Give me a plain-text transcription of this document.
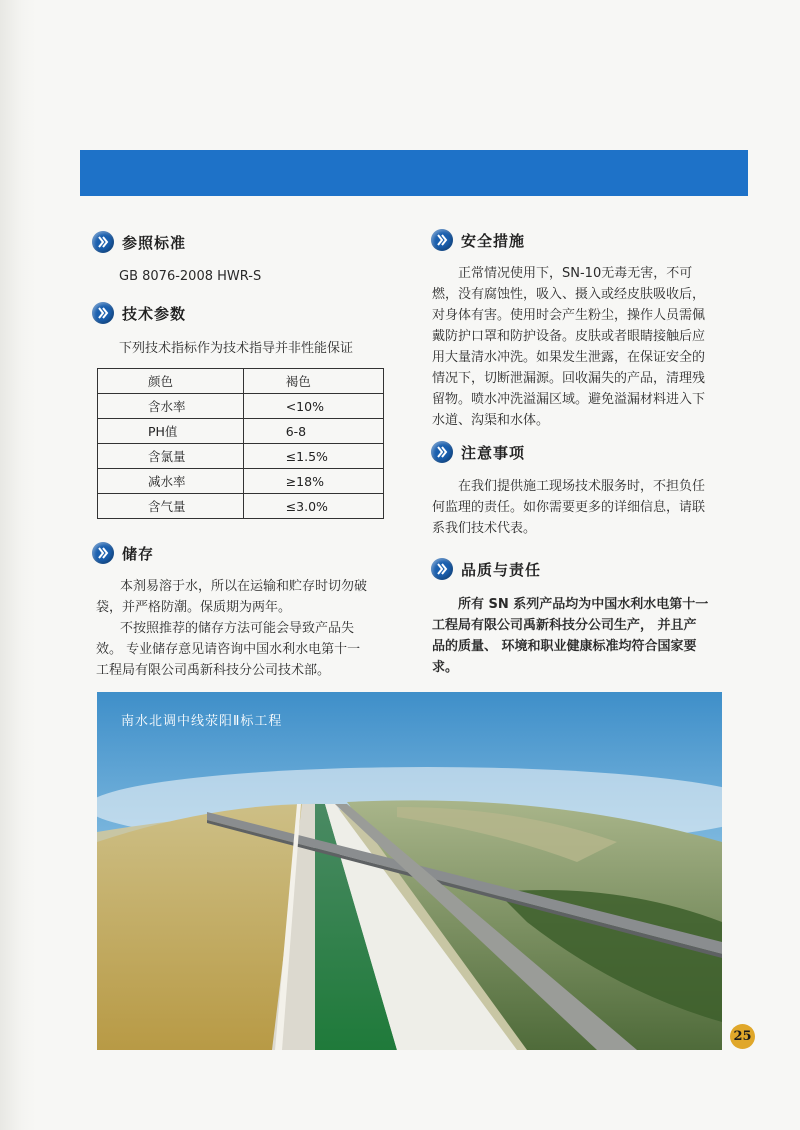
参照标准

GB 8076-2008 HWR-S

技术参数

下列技术指标作为技术指导并非性能保证

颜色	褐色
含水率	<10%
PH值	6-8
含氯量	≤1.5%
减水率	≥18%
含气量	≤3.0%
储存

本剂易溶于水，所以在运输和贮存时切勿破

袋，并严格防潮。保质期为两年。

不按照推荐的储存方法可能会导致产品失

效。 专业储存意见请咨询中国水利水电第十一

工程局有限公司禹新科技分公司技术部。

安全措施

正常情况使用下，SN-10无毒无害，不可

燃，没有腐蚀性，吸入、摄入或经皮肤吸收后，

对身体有害。使用时会产生粉尘，操作人员需佩

戴防护口罩和防护设备。皮肤或者眼睛接触后应

用大量清水冲洗。如果发生泄露，在保证安全的

情况下，切断泄漏源。回收漏失的产品，清理残

留物。喷水冲洗溢漏区域。避免溢漏材料进入下

水道、沟渠和水体。

注意事项

在我们提供施工现场技术服务时，不担负任

何监理的责任。如你需要更多的详细信息，请联

系我们技术代表。

品质与责任

所有 SN 系列产品均为中国水利水电第十一

工程局有限公司禹新科技分公司生产， 并且产

品的质量、 环境和职业健康标准均符合国家要

求。

南水北调中线荥阳Ⅱ标工程
25
